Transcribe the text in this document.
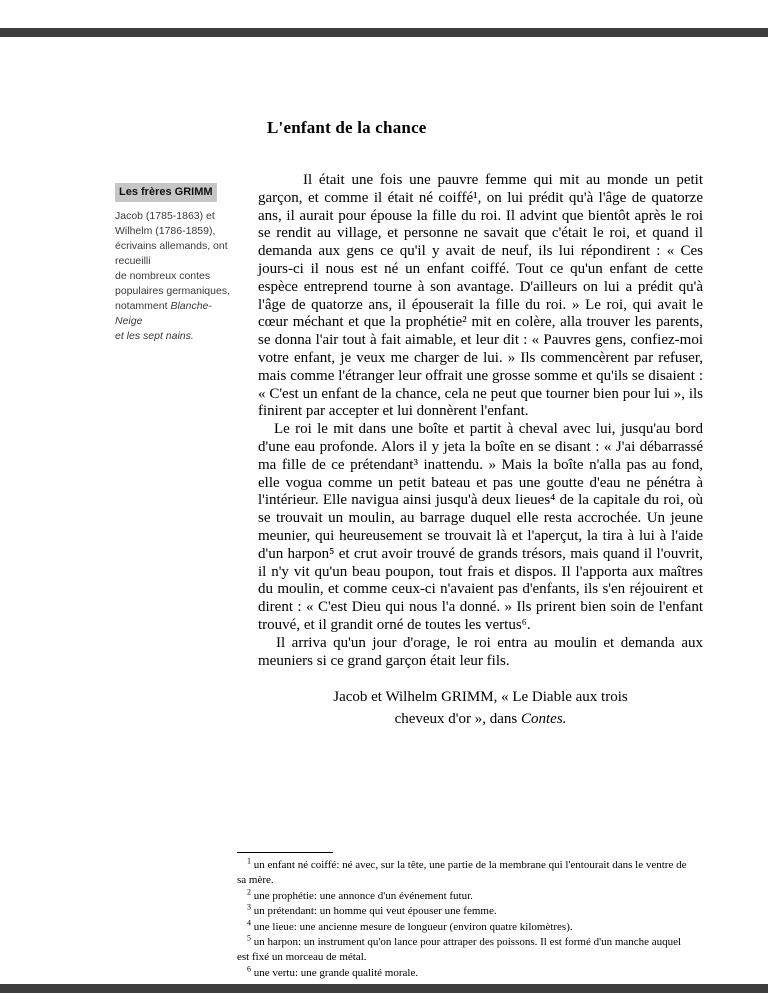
L'enfant de la chance
Les frères GRIMM
Jacob (1785-1863) et
Wilhelm (1786-1859),
écrivains allemands, ont
recueilli
de nombreux contes
populaires germaniques,
notamment Blanche-
Neige
et les sept nains.

Il était une fois une pauvre femme qui mit au monde un petit garçon, et comme il était né coiffé¹, on lui prédit qu'à l'âge de quatorze ans, il aurait pour épouse la fille du roi. Il advint que bientôt après le roi se rendit au village, et personne ne savait que c'était le roi, et quand il demanda aux gens ce qu'il y avait de neuf, ils lui répondirent : « Ces jours-ci il nous est né un enfant coiffé. Tout ce qu'un enfant de cette espèce entreprend tourne à son avantage. D'ailleurs on lui a prédit qu'à l'âge de quatorze ans, il épouserait la fille du roi. » Le roi, qui avait le cœur méchant et que la prophétie² mit en colère, alla trouver les parents, se donna l'air tout à fait aimable, et leur dit : « Pauvres gens, confiez-moi votre enfant, je veux me charger de lui. » Ils commencèrent par refuser, mais comme l'étranger leur offrait une grosse somme et qu'ils se disaient : « C'est un enfant de la chance, cela ne peut que tourner bien pour lui », ils finirent par accepter et lui donnèrent l'enfant.

Le roi le mit dans une boîte et partit à cheval avec lui, jusqu'au bord d'une eau profonde. Alors il y jeta la boîte en se disant : « J'ai débarrassé ma fille de ce prétendant³ inattendu. » Mais la boîte n'alla pas au fond, elle vogua comme un petit bateau et pas une goutte d'eau ne pénétra à l'intérieur. Elle navigua ainsi jusqu'à deux lieues⁴ de la capitale du roi, où se trouvait un moulin, au barrage duquel elle resta accrochée. Un jeune meunier, qui heureusement se trouvait là et l'aperçut, la tira à lui à l'aide d'un harpon⁵ et crut avoir trouvé de grands trésors, mais quand il l'ouvrit, il n'y vit qu'un beau poupon, tout frais et dispos. Il l'apporta aux maîtres du moulin, et comme ceux-ci n'avaient pas d'enfants, ils s'en réjouirent et dirent : « C'est Dieu qui nous l'a donné. » Ils prirent bien soin de l'enfant trouvé, et il grandit orné de toutes les vertus⁶.

Il arriva qu'un jour d'orage, le roi entra au moulin et demanda aux meuniers si ce grand garçon était leur fils.

Jacob et Wilhelm GRIMM, « Le Diable aux trois cheveux d'or », dans Contes.

$^1$ un enfant né coiffé: né avec, sur la tête, une partie de la membrane qui l'entourait dans le ventre de sa mère.

$^2$ une prophétie: une annonce d'un événement futur.

$^3$ un prétendant: un homme qui veut épouser une femme.

$^4$ une lieue: une ancienne mesure de longueur (environ quatre kilomètres).

$^5$ un harpon: un instrument qu'on lance pour attraper des poissons. Il est formé d'un manche auquel est fixé un morceau de métal.

$^6$ une vertu: une grande qualité morale.
